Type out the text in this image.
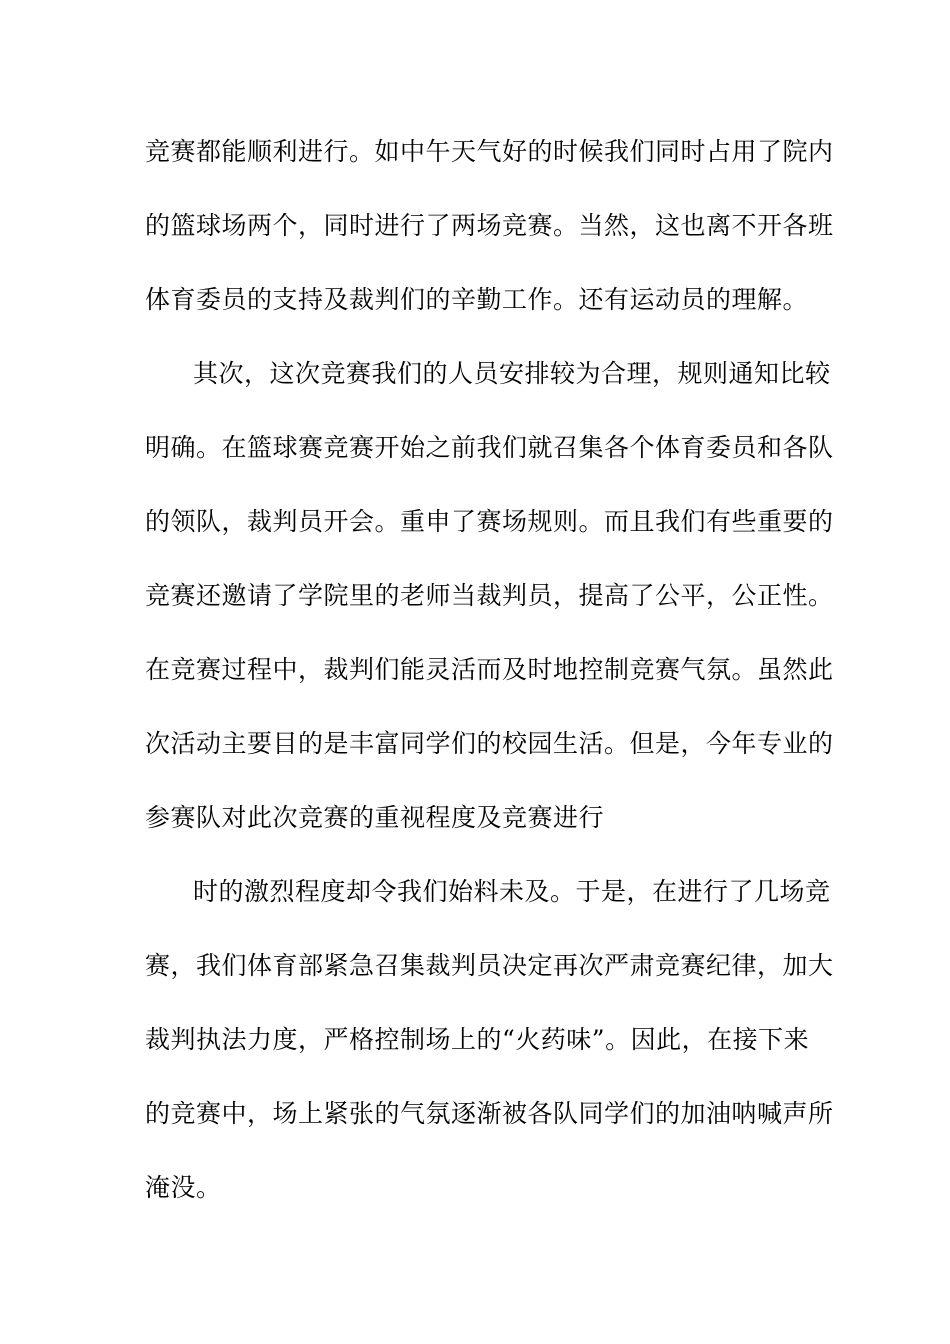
竞赛都能顺利进行。如中午天气好的时候我们同时占用了院内
的篮球场两个，同时进行了两场竞赛。当然，这也离不开各班
体育委员的支持及裁判们的辛勤工作。还有运动员的理解。
其次，这次竞赛我们的人员安排较为合理，规则通知比较
明确。在篮球赛竞赛开始之前我们就召集各个体育委员和各队
的领队，裁判员开会。重申了赛场规则。而且我们有些重要的
竞赛还邀请了学院里的老师当裁判员，提高了公平，公正性。
在竞赛过程中，裁判们能灵活而及时地控制竞赛气氛。虽然此
次活动主要目的是丰富同学们的校园生活。但是，今年专业的
参赛队对此次竞赛的重视程度及竞赛进行
时的激烈程度却令我们始料未及。于是，在进行了几场竞
赛，我们体育部紧急召集裁判员决定再次严肃竞赛纪律，加大
裁判执法力度，严格控制场上的“火药味”。因此，在接下来
的竞赛中，场上紧张的气氛逐渐被各队同学们的加油呐喊声所
淹没。
